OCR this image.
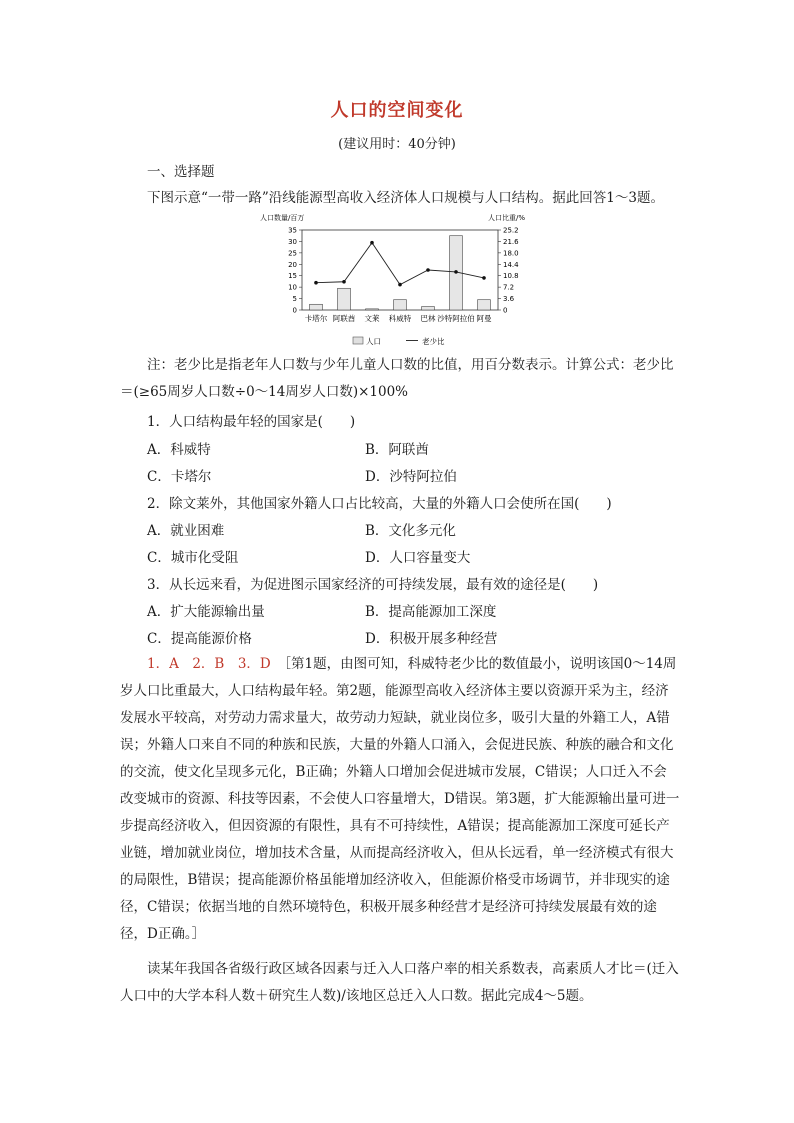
人口的空间变化
(建议用时：40分钟)
一、选择题
下图示意“一带一路”沿线能源型高收入经济体人口规模与人口结构。据此回答1～3题。
人口数量/百万	人口比重/%
0
5
10
15
20
25
30
35
0
3.6
7.2
10.8
14.4
18.0
21.6
25.2
卡塔尔 阿联酋 文莱 科威特 巴林 沙特阿拉伯 阿曼
人口	老少比
注：老少比是指老年人口数与少年儿童人口数的比值，用百分数表示。计算公式：老少比＝(≥65周岁人口数÷0～14周岁人口数)×100%
1．人口结构最年轻的国家是(　　)
A．科威特	B．阿联酋
C．卡塔尔	D．沙特阿拉伯
2．除文莱外，其他国家外籍人口占比较高，大量的外籍人口会使所在国(　　)
A．就业困难	B．文化多元化
C．城市化受阻	D．人口容量变大
3．从长远来看，为促进图示国家经济的可持续发展，最有效的途径是(　　)
A．扩大能源输出量	B．提高能源加工深度
C．提高能源价格	D．积极开展多种经营
1．A　2．B　3．D　 ［第1题，由图可知，科威特老少比的数值最小，说明该国0～14周岁人口比重最大，人口结构最年轻。第2题，能源型高收入经济体主要以资源开采为主，经济发展水平较高，对劳动力需求量大，故劳动力短缺，就业岗位多，吸引大量的外籍工人，A错误；外籍人口来自不同的种族和民族，大量的外籍人口涌入，会促进民族、种族的融合和文化的交流，使文化呈现多元化，B正确；外籍人口增加会促进城市发展，C错误；人口迁入不会改变城市的资源、科技等因素，不会使人口容量增大，D错误。第3题，扩大能源输出量可进一步提高经济收入，但因资源的有限性，具有不可持续性，A错误；提高能源加工深度可延长产业链，增加就业岗位，增加技术含量，从而提高经济收入，但从长远看，单一经济模式有很大的局限性，B错误；提高能源价格虽能增加经济收入，但能源价格受市场调节，并非现实的途径，C错误；依据当地的自然环境特色，积极开展多种经营才是经济可持续发展最有效的途径，D正确。］
读某年我国各省级行政区域各因素与迁入人口落户率的相关系数表，高素质人才比＝(迁入人口中的大学本科人数＋研究生人数)/该地区总迁入人口数。据此完成4～5题。
